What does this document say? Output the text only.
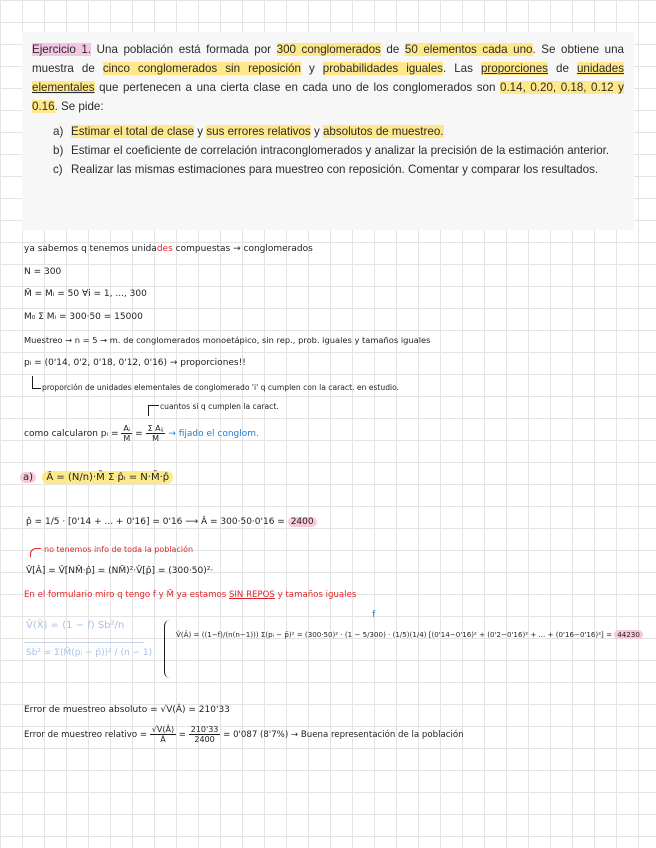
Ejercicio 1. Una población está formada por 300 conglomerados de 50 elementos cada uno. Se obtiene una muestra de cinco conglomerados sin reposición y probabilidades iguales. Las proporciones de unidades elementales que pertenecen a una cierta clase en cada uno de los conglomerados son 0.14, 0.20, 0.18, 0.12 y 0.16. Se pide:

a) Estimar el total de clase y sus errores relativos y absolutos de muestreo.
b) Estimar el coeficiente de correlación intraconglomerados y analizar la precisión de la estimación anterior.
c) Realizar las mismas estimaciones para muestreo con reposición. Comentar y comparar los resultados.
ya sabemos q tenemos unidades compuestas → conglomerados
N = 300
M̄ = Mᵢ = 50 ∀i = 1, ..., 300
M₀ Σ Mᵢ = 300·50 = 15000
Muestreo → n = 5 → m. de conglomerados monoetápico, sin rep., prob. iguales y tamaños iguales
pᵢ = (0'14, 0'2, 0'18, 0'12, 0'16) → proporciones!!
proporción de unidades elementales de conglomerado 'i' q cumplen con la caract. en estudio.
cuantos si q cumplen la caract.
como calcularon pᵢ = $\frac{\text{Aᵢ}}{M̄} = \frac{\text{Σ Aᵢⱼ}}{M̄}$ → fijado el conglom.
a) Â = (N/n)·M̄ Σ p̂ᵢ = N·M̄·p̂
p̂ = 1/5 · [0'14 + ... + 0'16] = 0'16 ⟶ Â = 300·50·0'16 = 2400
no tenemos info de toda la población
V̂[Â] = V̂[NM̄·p̂] = (NM̄)²·V̂[p̂] = (300·50)²·
En el formulario miro q tengo f y M̄ ya estamos SIN REPOS y tamaños iguales
V̂(X̂) = (1 − f) Sb²/n
Sb² = Σ(M̄(pᵢ − p̄))² / (n − 1)
f
V̂(Â) = ((1−f)/(n(n−1))) Σ(pᵢ − p̄)² = (300·50)² · (1 − 5/300) · (1/5)(1/4) [(0'14−0'16)² + (0'2−0'16)² + ... + (0'16−0'16)²] = 44230
Error de muestreo absoluto = √V(Â) = 210'33
Error de muestreo relativo = $\frac{√V(Â)}{Â} = \frac{210'33}{2400} = 0'087$ (8'7%) → Buena representación de la población
